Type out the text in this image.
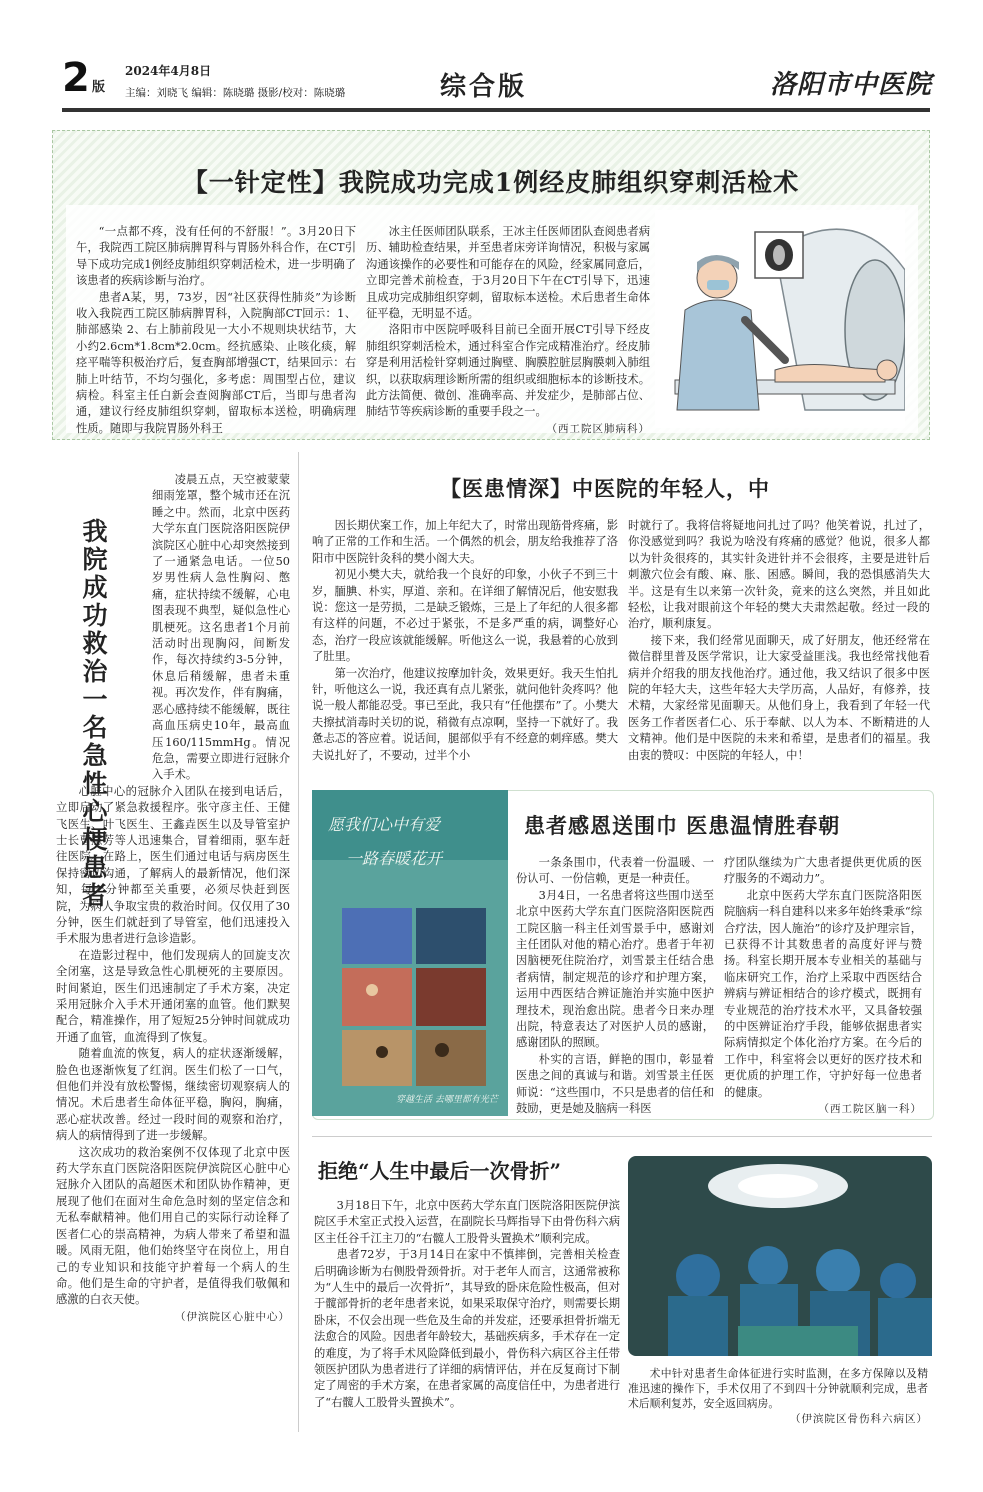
2 版
2024年4月8日
主编：刘晓飞 编辑：陈晓璐 摄影/校对：陈晓璐	综合版	洛阳市中医院
【一针定性】我院成功完成1例经皮肺组织穿刺活检术

“一点都不疼，没有任何的不舒服！”。3月20日下午，我院西工院区肺病脾胃科与胃肠外科合作，在CT引导下成功完成1例经皮肺组织穿刺活检术，进一步明确了该患者的疾病诊断与治疗。

患者A某，男，73岁，因“社区获得性肺炎”为诊断收入我院西工院区肺病脾胃科，入院胸部CT回示：1、肺部感染 2、右上肺前段见一大小不规则块状结节，大小约2.6cm*1.8cm*2.0cm。经抗感染、止咳化痰，解痉平喘等积极治疗后，复查胸部增强CT，结果回示：右肺上叶结节，不均匀强化，多考虑：周围型占位，建议病检。科室主任白新会查阅胸部CT后，当即与患者沟通，建议行经皮肺组织穿刺，留取标本送检，明确病理性质。随即与我院胃肠外科王

冰主任医师团队联系，王冰主任医师团队查阅患者病历、辅助检查结果，并至患者床旁详询情况，积极与家属沟通该操作的必要性和可能存在的风险，经家属同意后，立即完善术前检查，于3月20日下午在CT引导下，迅速且成功完成肺组织穿刺，留取标本送检。术后患者生命体征平稳，无明显不适。

洛阳市中医院呼吸科目前已全面开展CT引导下经皮肺组织穿刺活检术，通过科室合作完成精准治疗。经皮肺穿是利用活检针穿刺通过胸壁、胸膜腔脏层胸膜刺入肺组织，以获取病理诊断所需的组织或细胞标本的诊断技术。此方法简便、微创、准确率高、并发症少，是肺部占位、肺结节等疾病诊断的重要手段之一。

（西工院区肺病科）
我院成功救治一名急性心梗患者

凌晨五点，天空被蒙蒙细雨笼罩，整个城市还在沉睡之中。然而，北京中医药大学东直门医院洛阳医院伊滨院区心脏中心却突然接到了一通紧急电话。一位50岁男性病人急性胸闷、憋痛，症状持续不缓解，心电图表现不典型，疑似急性心肌梗死。这名患者1个月前活动时出现胸闷，间断发作，每次持续约3-5分钟，休息后稍缓解，患者未重视。再次发作，伴有胸痛，恶心感持续不能缓解，既往高血压病史10年，最高血压160/115mmHg。情况危急，需要立即进行冠脉介入手术。

心脏中心的冠脉介入团队在接到电话后，立即启动了紧急救援程序。张守彦主任、王健飞医生、叶飞医生、王鑫垚医生以及导管室护士长曹慧芳等人迅速集合，冒着细雨，驱车赶往医院。在路上，医生们通过电话与病房医生保持密切沟通，了解病人的最新情况，他们深知，每一分钟都至关重要，必须尽快赶到医院，为病人争取宝贵的救治时间。仅仅用了30分钟，医生们就赶到了导管室，他们迅速投入手术服为患者进行急诊造影。

在造影过程中，他们发现病人的回旋支次全闭塞，这是导致急性心肌梗死的主要原因。时间紧迫，医生们迅速制定了手术方案，决定采用冠脉介入手术开通闭塞的血管。他们默契配合，精准操作，用了短短25分钟时间就成功开通了血管，血流得到了恢复。

随着血流的恢复，病人的症状逐渐缓解，脸色也逐渐恢复了红润。医生们松了一口气，但他们并没有放松警惕，继续密切观察病人的情况。术后患者生命体征平稳，胸闷，胸痛，恶心症状改善。经过一段时间的观察和治疗，病人的病情得到了进一步缓解。

这次成功的救治案例不仅体现了北京中医药大学东直门医院洛阳医院伊滨院区心脏中心冠脉介入团队的高超医术和团队协作精神，更展现了他们在面对生命危急时刻的坚定信念和无私奉献精神。他们用自己的实际行动诠释了医者仁心的崇高精神，为病人带来了希望和温暖。风雨无阻，他们始终坚守在岗位上，用自己的专业知识和技能守护着每一个病人的生命。他们是生命的守护者，是值得我们敬佩和感激的白衣天使。

（伊滨院区心脏中心）
【医患情深】中医院的年轻人，中

因长期伏案工作，加上年纪大了，时常出现筋骨疼痛，影响了正常的工作和生活。一个偶然的机会，朋友给我推荐了洛阳市中医院针灸科的樊小阁大夫。

初见小樊大夫，就给我一个良好的印象，小伙子不到三十岁，腼腆、朴实，厚道、亲和。在详细了解情况后，他安慰我说：您这一是劳损，二是缺乏锻炼，三是上了年纪的人很多都有这样的问题，不必过于紧张，不是多严重的病，调整好心态，治疗一段应该就能缓解。听他这么一说，我悬着的心放到了肚里。

第一次治疗，他建议按摩加针灸，效果更好。我天生怕扎针，听他这么一说，我还真有点儿紧张，就问他针灸疼吗？他说一般人都能忍受。事已至此，我只有“任他摆布”了。小樊大夫擦拭消毒时关切的说，稍微有点凉啊，坚持一下就好了。我惫忐忑的答应着。说话间，腿部似乎有不经意的刺痒感。樊大夫说扎好了，不要动，过半个小

时就行了。我将信将疑地问扎过了吗？他笑着说，扎过了，你没感觉到吗？我说为啥没有疼痛的感觉？他说，很多人都以为针灸很疼的，其实针灸进针并不会很疼，主要是进针后刺激穴位会有酸、麻、胀、困感。瞬间，我的恐惧感消失大半。这是有生以来第一次针灸，竟来的这么突然，并且如此轻松，让我对眼前这个年轻的樊大夫肃然起敬。经过一段的治疗，顺利康复。

接下来，我们经常见面聊天，成了好朋友，他还经常在微信群里普及医学常识，让大家受益匪浅。我也经常找他看病并介绍我的朋友找他治疗。通过他，我又结识了很多中医院的年轻大夫，这些年轻大夫学历高，人品好，有修养，技术精，大家经常见面聊天。从他们身上，我看到了年轻一代医务工作者医者仁心、乐于奉献、以人为本、不断精进的人文精神。他们是中医院的未来和希望，是患者们的福星。我由衷的赞叹：中医院的年轻人，中！

愿我们心中有爱
一路春暖花开
穿越生活 去哪里都有光芒
患者感恩送围巾 医患温情胜春朝

一条条围巾，代表着一份温暖、一份认可、一份信赖，更是一种责任。

3月4日，一名患者将这些围巾送至北京中医药大学东直门医院洛阳医院西工院区脑一科主任刘雪景手中，感谢刘主任团队对他的精心治疗。患者于年初因脑梗死住院治疗，刘雪景主任结合患者病情，制定规范的诊疗和护理方案，运用中西医结合辨证施治并实施中医护理技术，现治愈出院。患者今日来办理出院，特意表达了对医护人员的感谢，感谢团队的照顾。

朴实的言语，鲜艳的围巾，彰显着医患之间的真诚与和谐。刘雪景主任医师说：“这些围巾，不只是患者的信任和鼓励，更是她及脑病一科医

疗团队继续为广大患者提供更优质的医疗服务的不竭动力”。

北京中医药大学东直门医院洛阳医院脑病一科自建科以来多年始终秉承“综合疗法，因人施治”的诊疗及护理宗旨，已获得不计其数患者的高度好评与赞扬。科室长期开展本专业相关的基础与临床研究工作，治疗上采取中西医结合辨病与辨证相结合的诊疗模式，既拥有专业规范的治疗技术水平，又具备较强的中医辨证治疗手段，能够依据患者实际病情拟定个体化治疗方案。在今后的工作中，科室将会以更好的医疗技术和更优质的护理工作，守护好每一位患者的健康。

（西工院区脑一科）
拒绝“人生中最后一次骨折”

3月18日下午，北京中医药大学东直门医院洛阳医院伊滨院区手术室正式投入运营，在副院长马辉指导下由骨伤科六病区主任谷千江主刀的“右髋人工股骨头置换术”顺利完成。

患者72岁，于3月14日在家中不慎摔倒，完善相关检查后明确诊断为右侧股骨颈骨折。对于老年人而言，这通常被称为“人生中的最后一次骨折”，其导致的卧床危险性极高，但对于髋部骨折的老年患者来说，如果采取保守治疗，则需要长期卧床，不仅会出现一些危及生命的并发症，还要承担骨折端无法愈合的风险。因患者年龄较大，基础疾病多，手术存在一定的难度，为了将手术风险降低到最小，骨伤科六病区谷主任带领医护团队为患者进行了详细的病情评估，并在反复商讨下制定了周密的手术方案，在患者家属的高度信任中，为患者进行了“右髋人工股骨头置换术”。

术中针对患者生命体征进行实时监测，在多方保障以及精准迅速的操作下，手术仅用了不到四十分钟就顺利完成，患者术后顺利复苏，安全返回病房。

（伊滨院区骨伤科六病区）
